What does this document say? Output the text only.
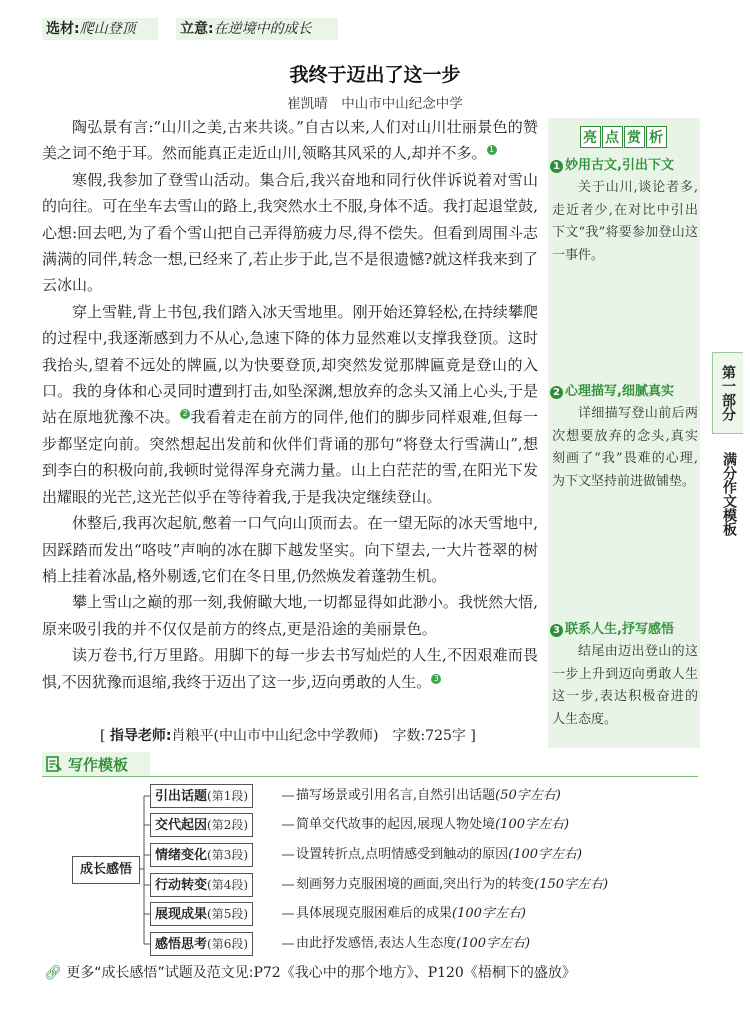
选材:爬山登顶	立意:在逆境中的成长
我终于迈出了这一步
崔凯晴　中山市中山纪念中学

陶弘景有言:“山川之美,古来共谈。”自古以来,人们对山川壮丽景色的赞美之词不绝于耳。然而能真正走近山川,领略其风采的人,却并不多。 1

寒假,我参加了登雪山活动。集合后,我兴奋地和同行伙伴诉说着对雪山的向往。可在坐车去雪山的路上,我突然水土不服,身体不适。我打起退堂鼓,心想:回去吧,为了看个雪山把自己弄得筋疲力尽,得不偿失。但看到周围斗志满满的同伴,转念一想,已经来了,若止步于此,岂不是很遗憾?就这样我来到了云冰山。

穿上雪鞋,背上书包,我们踏入冰天雪地里。刚开始还算轻松,在持续攀爬的过程中,我逐渐感到力不从心,急速下降的体力显然难以支撑我登顶。这时我抬头,望着不远处的牌匾,以为快要登顶,却突然发觉那牌匾竟是登山的入口。我的身体和心灵同时遭到打击,如坠深渊,想放弃的念头又涌上心头,于是站在原地犹豫不决。 2 我看着走在前方的同伴,他们的脚步同样艰难,但每一步都坚定向前。突然想起出发前和伙伴们背诵的那句“将登太行雪满山”,想到李白的积极向前,我顿时觉得浑身充满力量。山上白茫茫的雪,在阳光下发出耀眼的光芒,这光芒似乎在等待着我,于是我决定继续登山。

休整后,我再次起航,憋着一口气向山顶而去。在一望无际的冰天雪地中,因踩踏而发出“咯吱”声响的冰在脚下越发坚实。向下望去,一大片苍翠的树梢上挂着冰晶,格外剔透,它们在冬日里,仍然焕发着蓬勃生机。

攀上雪山之巅的那一刻,我俯瞰大地,一切都显得如此渺小。我恍然大悟,原来吸引我的并不仅仅是前方的终点,更是沿途的美丽景色。

读万卷书,行万里路。用脚下的每一步去书写灿烂的人生,不因艰难而畏惧,不因犹豫而退缩,我终于迈出了这一步,迈向勇敢的人生。 3

[ 指导老师:肖粮平(中山市中山纪念中学教师)　 字数:725字 ]
亮 点 赏 析
1 妙用古文,引出下文
关于山川,谈论者多,走近者少,在对比中引出下文“我”将要参加登山这一事件。
2 心理描写,细腻真实
详细描写登山前后两次想要放弃的念头,真实刻画了“我”畏难的心理,为下文坚持前进做铺垫。
3 联系人生,抒写感悟
结尾由迈出登山的这一步上升到迈向勇敢人生这一步,表达积极奋进的人生态度。
第一部分
满分作文模板
写作模板
成长感悟
引出话题(第1段)	描写场景或引用名言,自然引出话题(50字左右)
交代起因(第2段)	简单交代故事的起因,展现人物处境(100字左右)
情绪变化(第3段)	设置转折点,点明情感受到触动的原因(100字左右)
行动转变(第4段)	刻画努力克服困境的画面,突出行为的转变(150字左右)
展现成果(第5段)	具体展现克服困难后的成果(100字左右)
感悟思考(第6段)	由此抒发感悟,表达人生态度(100字左右)
🔗︎ 更多“成长感悟”试题及范文见:P72《我心中的那个地方》、P120《梧桐下的盛放》
